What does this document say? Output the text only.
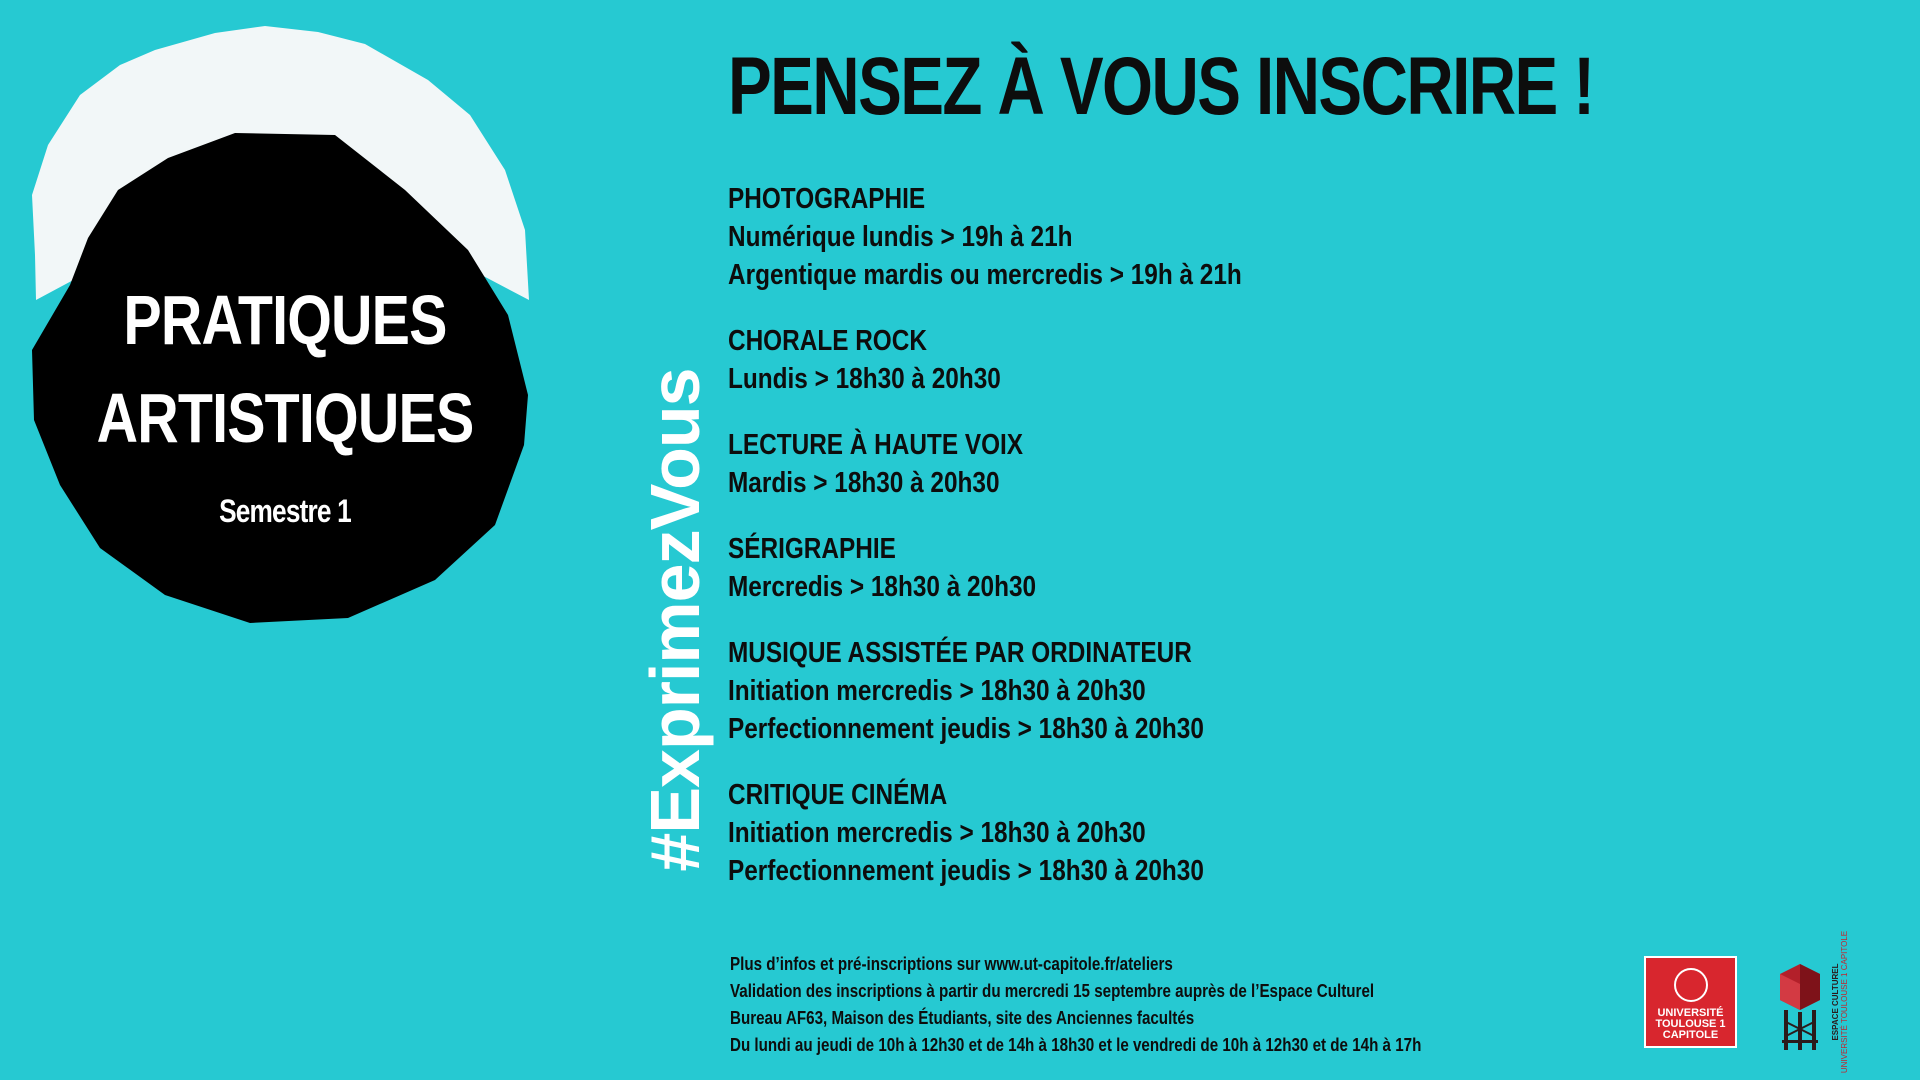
PRATIQUES
ARTISTIQUES
Semestre 1	#ExprimezVous
PENSEZ À VOUS INSCRIRE !
PHOTOGRAPHIE
Numérique lundis > 19h à 21h
Argentique mardis ou mercredis > 19h à 21h
CHORALE ROCK
Lundis > 18h30 à 20h30
LECTURE À HAUTE VOIX
Mardis > 18h30 à 20h30
SÉRIGRAPHIE
Mercredis > 18h30 à 20h30
MUSIQUE ASSISTÉE PAR ORDINATEUR
Initiation mercredis > 18h30 à 20h30
Perfectionnement jeudis > 18h30 à 20h30
CRITIQUE CINÉMA
Initiation mercredis > 18h30 à 20h30
Perfectionnement jeudis > 18h30 à 20h30
Plus d’infos et pré-inscriptions sur www.ut-capitole.fr/ateliers
Validation des inscriptions à partir du mercredi 15 septembre auprès de l’Espace Culturel
Bureau AF63, Maison des Étudiants, site des Anciennes facultés
Du lundi au jeudi de 10h à 12h30 et de 14h à 18h30 et le vendredi de 10h à 12h30 et de 14h à 17h
UNIVERSITÉ
TOULOUSE 1
CAPITOLE	ESPACE CULTUREL UNIVERSITÉ TOULOUSE 1 CAPITOLE
